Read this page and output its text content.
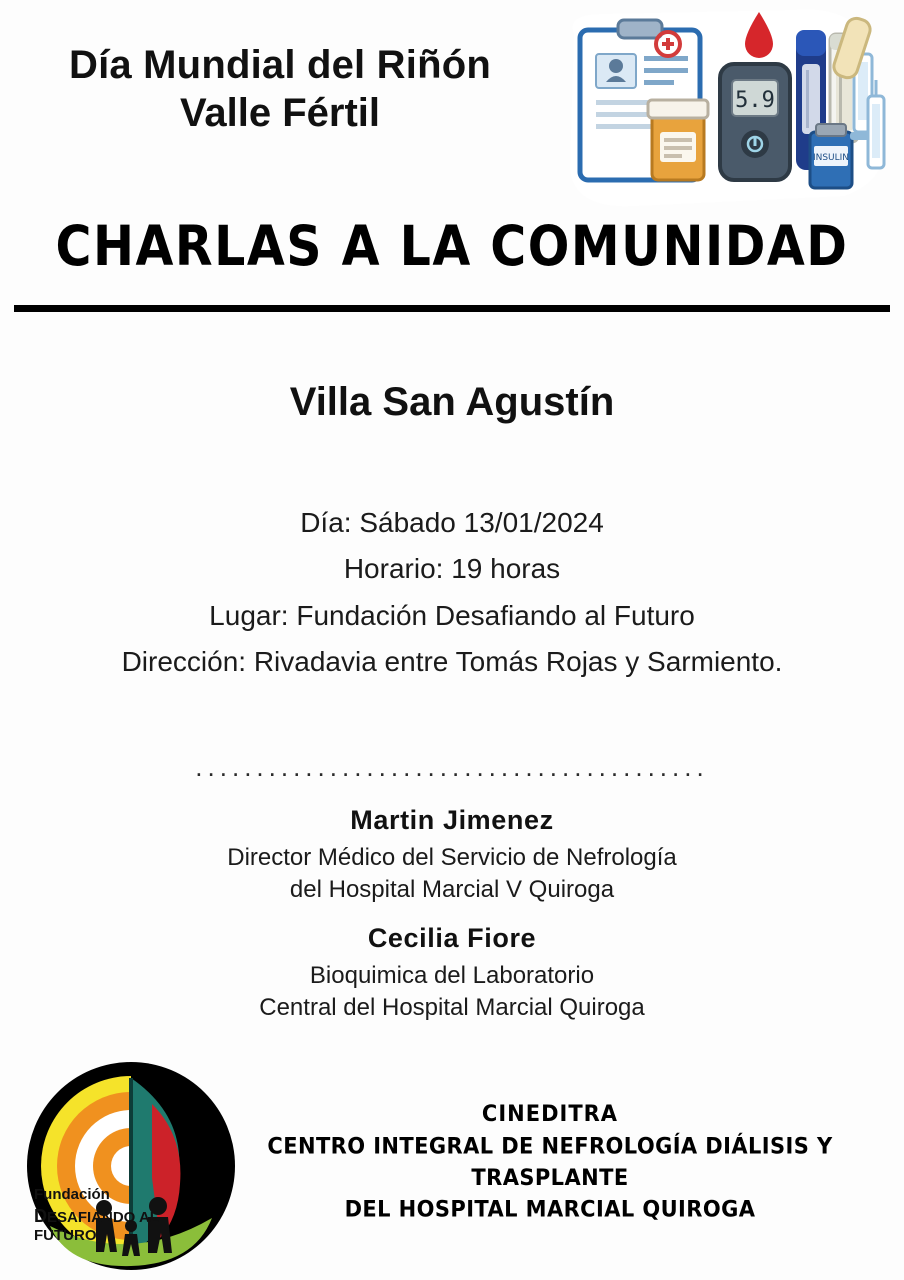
Día Mundial del Riñón
Valle Fértil	5.9
INSULIN
CHARLAS A LA COMUNIDAD
Villa San Agustín
Día: Sábado 13/01/2024
Horario: 19 horas
Lugar: Fundación Desafiando al Futuro
Dirección: Rivadavia entre Tomás Rojas y Sarmiento.
..........................................
Martin Jimenez
Director Médico del Servicio de Nefrología
del Hospital Marcial V Quiroga
Cecilia Fiore
Bioquimica del Laboratorio
Central del Hospital Marcial Quiroga
CINEDITRA
CENTRO INTEGRAL DE NEFROLOGÍA DIÁLISIS Y TRASPLANTE
DEL HOSPITAL MARCIAL QUIROGA
Fundación
DESAFIANDO AL FUTURO
